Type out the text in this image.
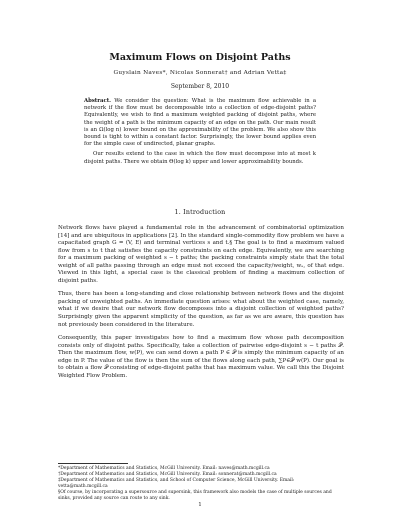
Maximum Flows on Disjoint Paths
Guyslain Naves*, Nicolas Sonnerat† and Adrian Vetta‡
September 8, 2010

Abstract. We consider the question: What is the maximum flow achievable in a network if the flow must be decomposable into a collection of edge-disjoint paths? Equivalently, we wish to find a maximum weighted packing of disjoint paths, where the weight of a path is the minimum capacity of an edge on the path. Our main result is an Ω(log n) lower bound on the approximability of the problem. We also show this bound is tight to within a constant factor. Surprisingly, the lower bound applies even for the simple case of undirected, planar graphs.

Our results extend to the case in which the flow must decompose into at most k disjoint paths. There we obtain Θ(log k) upper and lower approximability bounds.

1. Introduction

Network flows have played a fundamental role in the advancement of combinatorial optimization [14] and are ubiquitous in applications [2]. In the standard single-commodity flow problem we have a capacitated graph G = (V, E) and terminal vertices s and t.§ The goal is to find a maximum valued flow from s to t that satisfies the capacity constraints on each edge. Equivalently, we are searching for a maximum packing of weighted s − t paths; the packing constraints simply state that the total weight of all paths passing through an edge must not exceed the capacity/weight, wₑ, of that edge. Viewed in this light, a special case is the classical problem of finding a maximum collection of disjoint paths.

Thus, there has been a long-standing and close relationship between network flows and the disjoint packing of unweighted paths. An immediate question arises: what about the weighted case, namely, what if we desire that our network flow decomposes into a disjoint collection of weighted paths? Surprisingly given the apparent simplicity of the question, as far as we are aware, this question has not previously been considered in the literature.

Consequently, this paper investigates how to find a maximum flow whose path decomposition consists only of disjoint paths. Specifically, take a collection of pairwise edge-disjoint s − t paths 𝒫. Then the maximum flow, w(P), we can send down a path P ∈ 𝒫 is simply the minimum capacity of an edge in P. The value of the flow is then the sum of the flows along each path, ∑P∈𝒫 w(P). Our goal is to obtain a flow 𝒫 consisting of edge-disjoint paths that has maximum value. We call this the Disjoint Weighted Flow Problem.

*Department of Mathematics and Statistics, McGill University. Email: naves@math.mcgill.ca

†Department of Mathematics and Statistics, McGill University. Email: sonnerat@math.mcgill.ca

‡Department of Mathematics and Statistics, and School of Computer Science, McGill University. Email: vetta@math.mcgill.ca

§Of course, by incorporating a supersource and supersink, this framework also models the case of multiple sources and sinks, provided any source can route to any sink.

1
